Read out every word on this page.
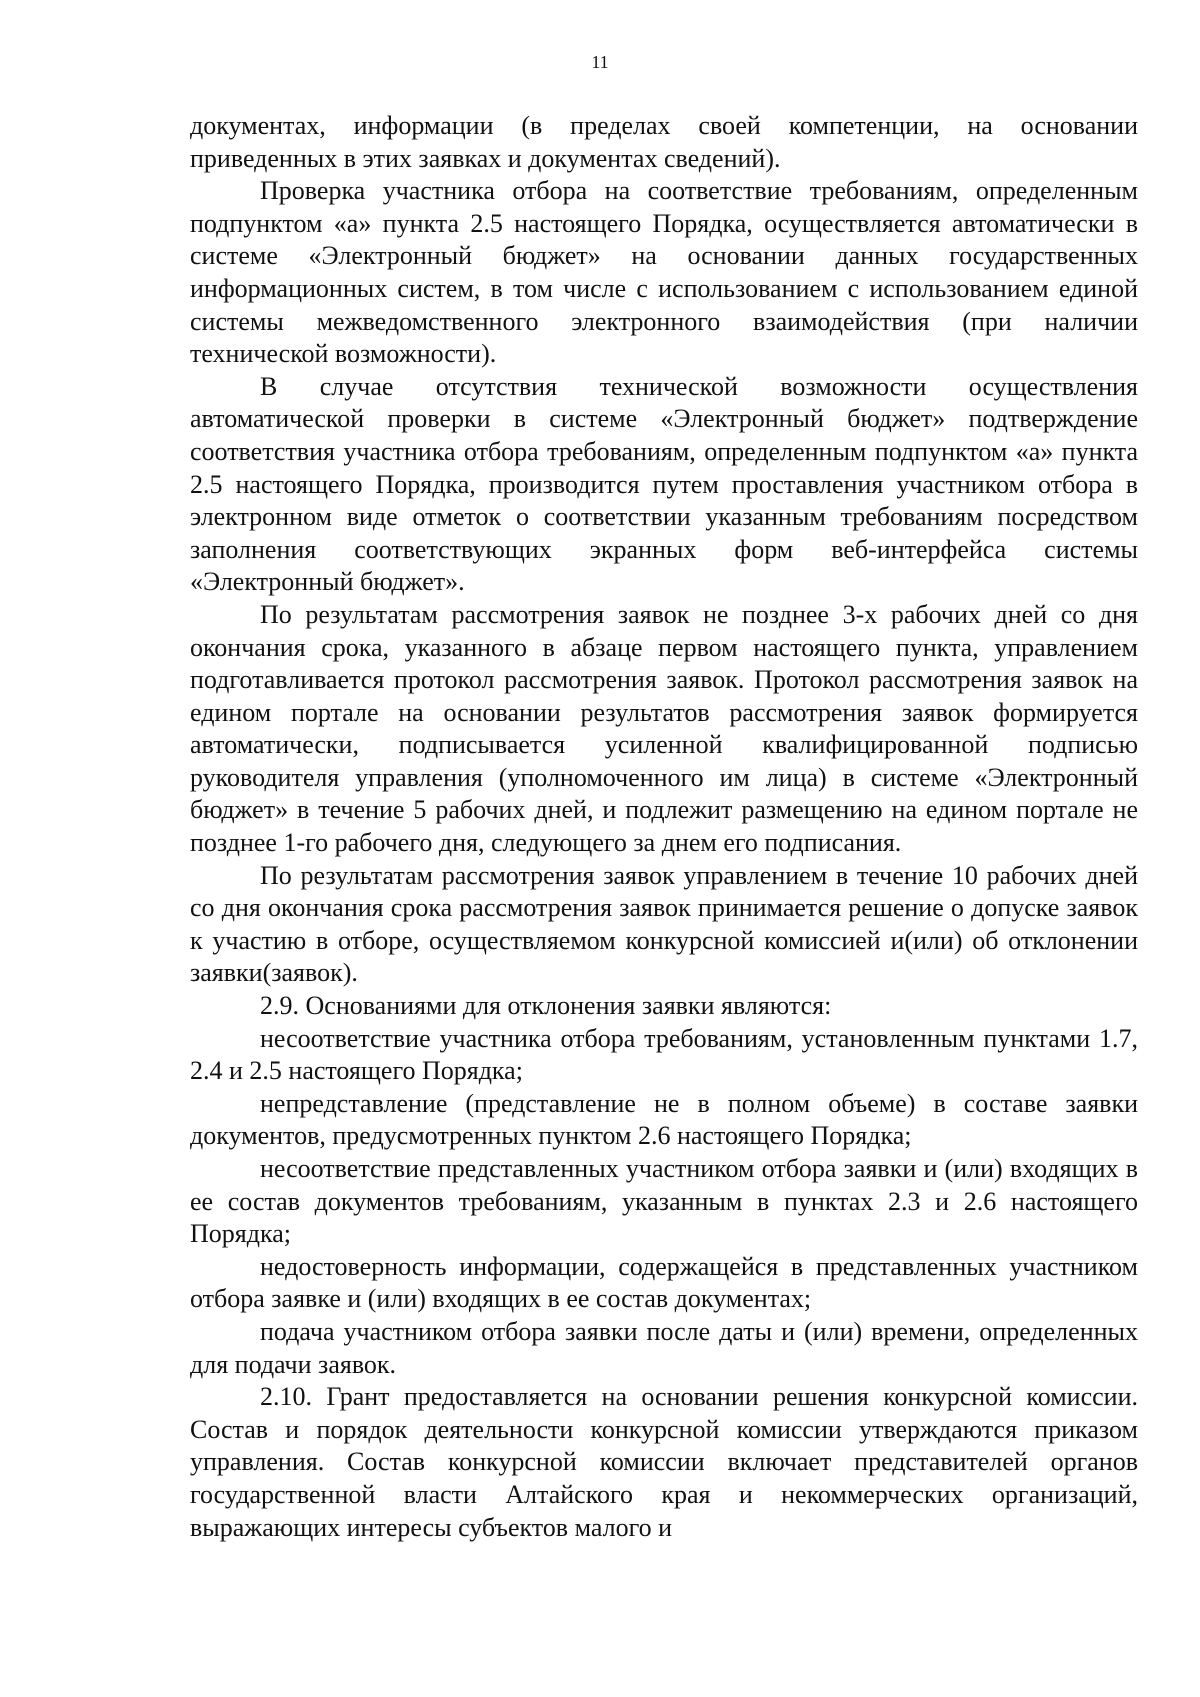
11

документах, информации (в пределах своей компетенции, на основании приведенных в этих заявках и документах сведений).

Проверка участника отбора на соответствие требованиям, определенным подпунктом «а» пункта 2.5 настоящего Порядка, осуществляется автоматически в системе «Электронный бюджет» на основании данных государственных информационных систем, в том числе с использованием с использованием единой системы межведомственного электронного взаимодействия (при наличии технической возможности).

В случае отсутствия технической возможности осуществления автоматической проверки в системе «Электронный бюджет» подтверждение соответствия участника отбора требованиям, определенным подпунктом «а» пункта 2.5 настоящего Порядка, производится путем проставления участником отбора в электронном виде отметок о соответствии указанным требованиям посредством заполнения соответствующих экранных форм веб-интерфейса системы «Электронный бюджет».

По результатам рассмотрения заявок не позднее 3-х рабочих дней со дня окончания срока, указанного в абзаце первом настоящего пункта, управлением подготавливается протокол рассмотрения заявок. Протокол рассмотрения заявок на едином портале на основании результатов рассмотрения заявок формируется автоматически, подписывается усиленной квалифицированной подписью руководителя управления (уполномоченного им лица) в системе «Электронный бюджет» в течение 5 рабочих дней, и подлежит размещению на едином портале не позднее 1-го рабочего дня, следующего за днем его подписания.

По результатам рассмотрения заявок управлением в течение 10 рабочих дней со дня окончания срока рассмотрения заявок принимается решение о допуске заявок к участию в отборе, осуществляемом конкурсной комиссией и(или) об отклонении заявки(заявок).

2.9. Основаниями для отклонения заявки являются:

несоответствие участника отбора требованиям, установленным пунктами 1.7, 2.4 и 2.5 настоящего Порядка;

непредставление (представление не в полном объеме) в составе заявки документов, предусмотренных пунктом 2.6 настоящего Порядка;

несоответствие представленных участником отбора заявки и (или) входящих в ее состав документов требованиям, указанным в пунктах 2.3 и 2.6 настоящего Порядка;

недостоверность информации, содержащейся в представленных участником отбора заявке и (или) входящих в ее состав документах;

подача участником отбора заявки после даты и (или) времени, определенных для подачи заявок.

2.10. Грант предоставляется на основании решения конкурсной комиссии. Состав и порядок деятельности конкурсной комиссии утверждаются приказом управления. Состав конкурсной комиссии включает представителей органов государственной власти Алтайского края и некоммерческих организаций, выражающих интересы субъектов малого и
